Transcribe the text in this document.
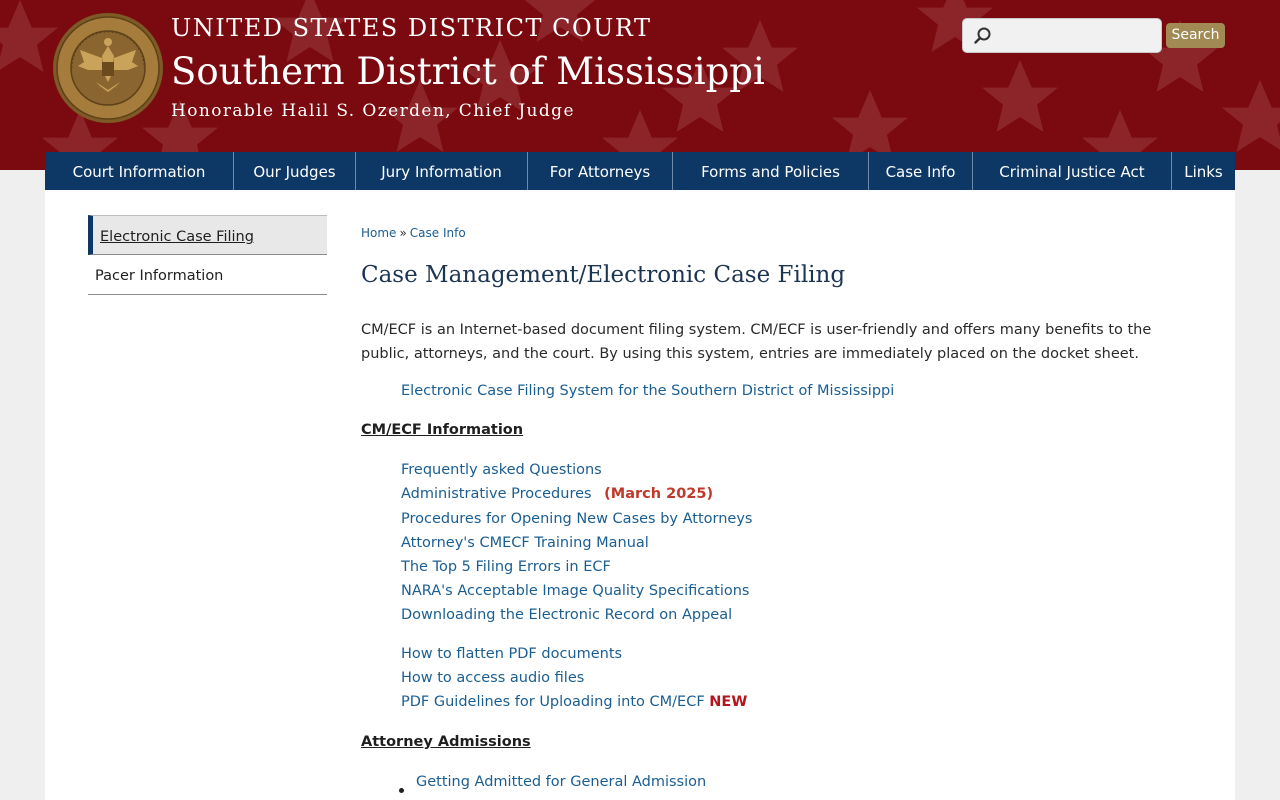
UNITED STATES DISTRICT COURT
Southern District of Mississippi
Honorable Halil S. Ozerden, Chief Judge
Search
Court Information	Our Judges	Jury Information	For Attorneys	Forms and Policies	Case Info	Criminal Justice Act	Links
Electronic Case Filing
Pacer Information
Home » Case Info
Case Management/Electronic Case Filing

CM/ECF is an Internet-based document filing system. CM/ECF is user-friendly and offers many benefits to the public, attorneys, and the court. By using this system, entries are immediately placed on the docket sheet.

Electronic Case Filing System for the Southern District of Mississippi
CM/ECF Information
Frequently asked Questions
Administrative Procedures (March 2025)
Procedures for Opening New Cases by Attorneys
Attorney's CMECF Training Manual
The Top 5 Filing Errors in ECF
NARA's Acceptable Image Quality Specifications
Downloading the Electronic Record on Appeal
How to flatten PDF documents
How to access audio files
PDF Guidelines for Uploading into CM/ECF NEW
Attorney Admissions
Getting Admitted for General Admission
